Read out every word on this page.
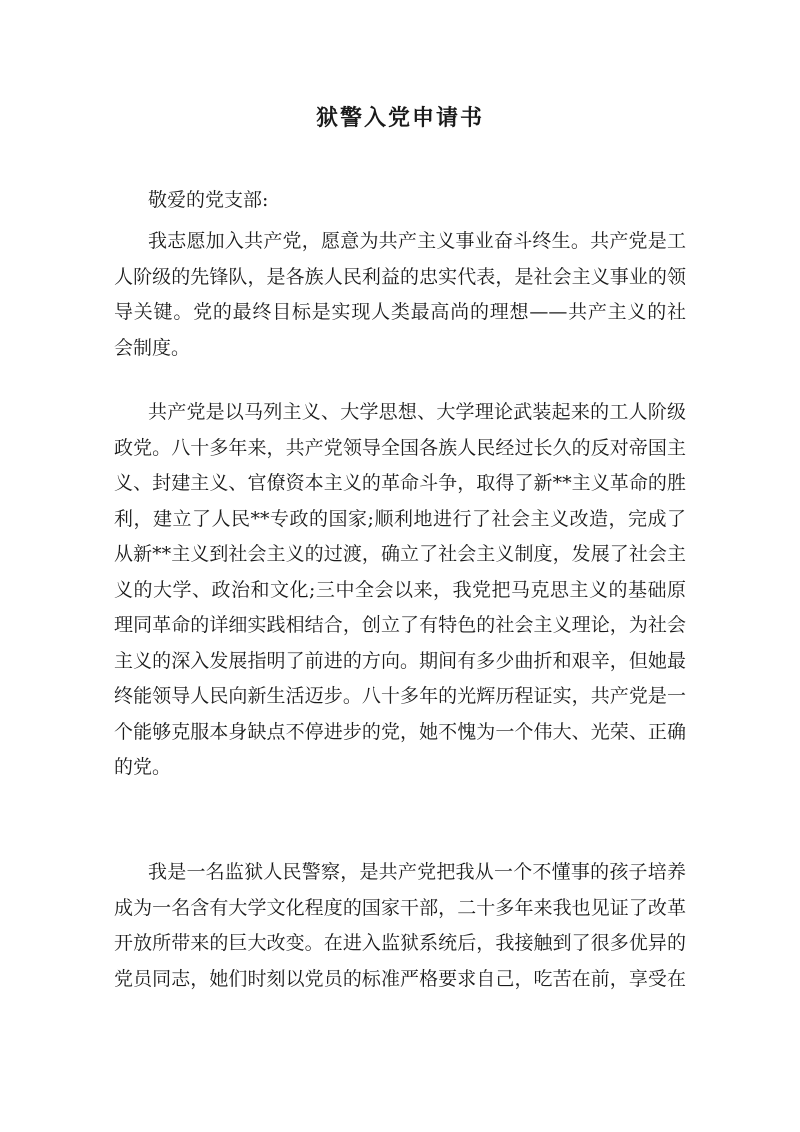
狱警入党申请书
敬爱的党支部:
我志愿加入共产党，愿意为共产主义事业奋斗终生。共产党是工
人阶级的先锋队，是各族人民利益的忠实代表，是社会主义事业的领
导关键。党的最终目标是实现人类最高尚的理想——共产主义的社
会制度。
共产党是以马列主义、大学思想、大学理论武装起来的工人阶级
政党。八十多年来，共产党领导全国各族人民经过长久的反对帝国主
义、封建主义、官僚资本主义的革命斗争，取得了新**主义革命的胜
利，建立了人民**专政的国家;顺利地进行了社会主义改造，完成了
从新**主义到社会主义的过渡，确立了社会主义制度，发展了社会主
义的大学、政治和文化;三中全会以来，我党把马克思主义的基础原
理同革命的详细实践相结合，创立了有特色的社会主义理论，为社会
主义的深入发展指明了前进的方向。期间有多少曲折和艰辛，但她最
终能领导人民向新生活迈步。八十多年的光辉历程证实，共产党是一
个能够克服本身缺点不停进步的党，她不愧为一个伟大、光荣、正确
的党。
我是一名监狱人民警察，是共产党把我从一个不懂事的孩子培养
成为一名含有大学文化程度的国家干部，二十多年来我也见证了改革
开放所带来的巨大改变。在进入监狱系统后，我接触到了很多优异的
党员同志，她们时刻以党员的标准严格要求自己，吃苦在前，享受在
